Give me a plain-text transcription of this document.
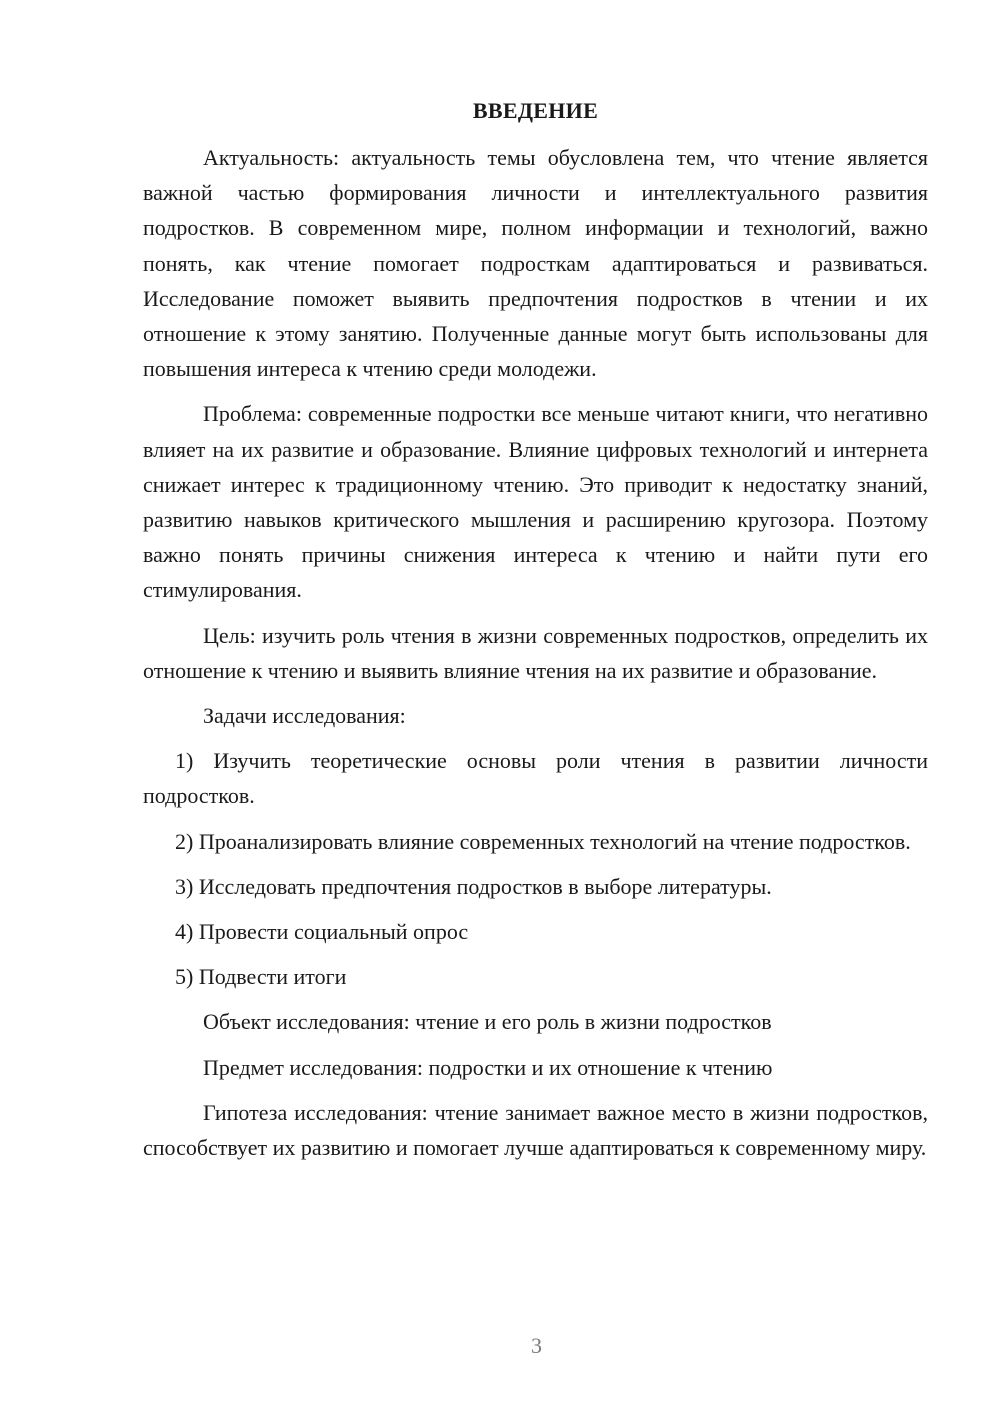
ВВЕДЕНИЕ

Актуальность: актуальность темы обусловлена тем, что чтение является важной частью формирования личности и интеллектуального развития подростков. В современном мире, полном информации и технологий, важно понять, как чтение помогает подросткам адаптироваться и развиваться. Исследование поможет выявить предпочтения подростков в чтении и их отношение к этому занятию. Полученные данные могут быть использованы для повышения интереса к чтению среди молодежи.

Проблема: современные подростки все меньше читают книги, что негативно влияет на их развитие и образование. Влияние цифровых технологий и интернета снижает интерес к традиционному чтению. Это приводит к недостатку знаний, развитию навыков критического мышления и расширению кругозора. Поэтому важно понять причины снижения интереса к чтению и найти пути его стимулирования.

Цель: изучить роль чтения в жизни современных подростков, определить их отношение к чтению и выявить влияние чтения на их развитие и образование.

Задачи исследования:

1) Изучить теоретические основы роли чтения в развитии личности подростков.

2) Проанализировать влияние современных технологий на чтение подростков.

3) Исследовать предпочтения подростков в выборе литературы.
4) Провести социальный опрос
5) Подвести итоги
Объект исследования: чтение и его роль в жизни подростков
Предмет исследования: подростки и их отношение к чтению

Гипотеза исследования: чтение занимает важное место в жизни подростков, способствует их развитию и помогает лучше адаптироваться к современному миру.

3
